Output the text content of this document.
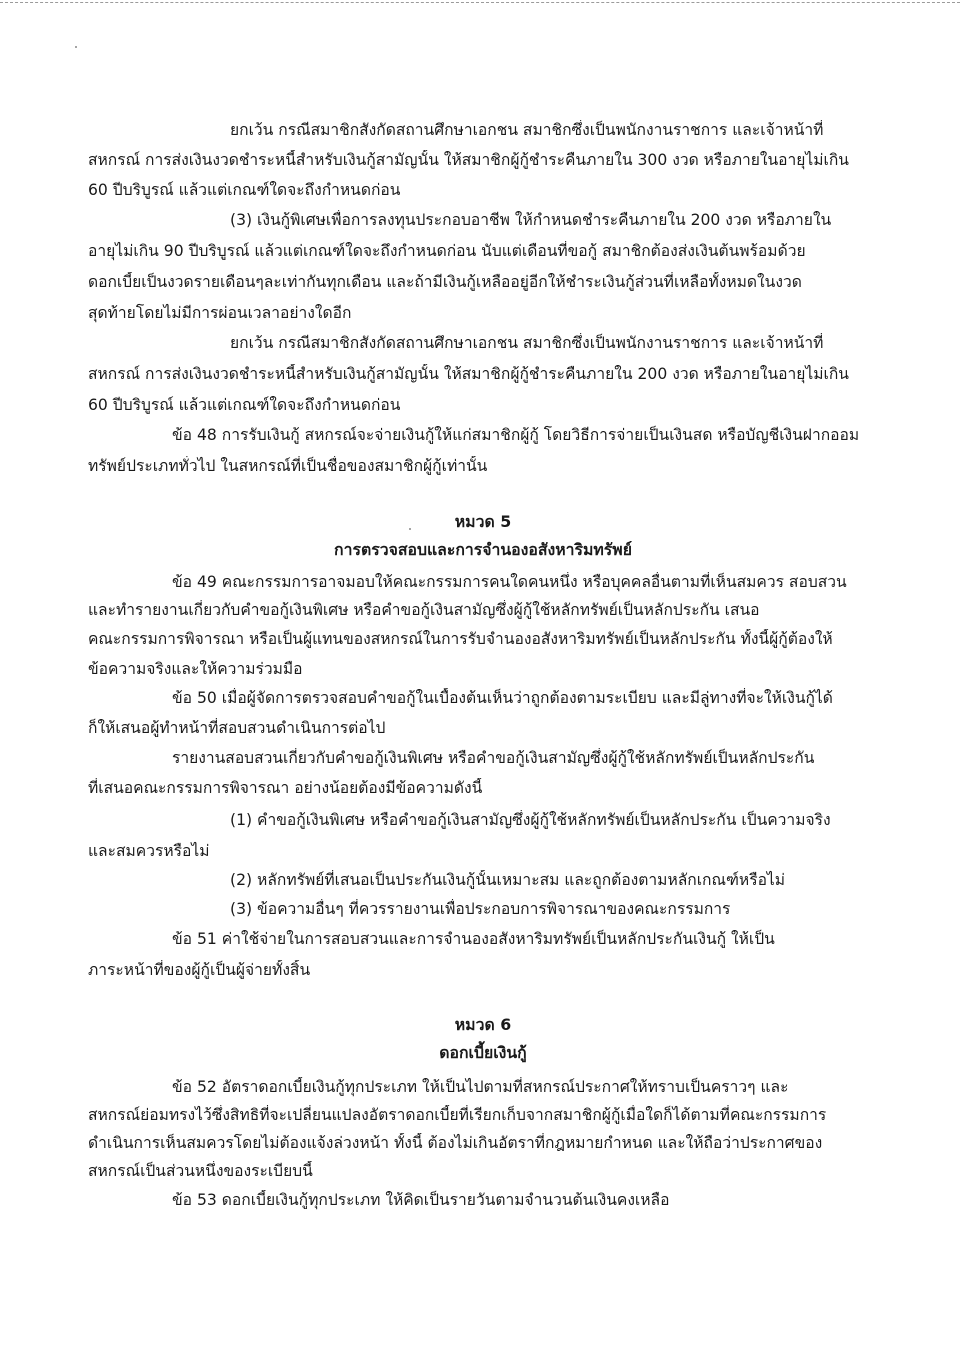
ยกเว้น กรณีสมาชิกสังกัดสถานศึกษาเอกชน สมาชิกซึ่งเป็นพนักงานราชการ และเจ้าหน้าที่
สหกรณ์ การส่งเงินงวดชำระหนี้สำหรับเงินกู้สามัญนั้น ให้สมาชิกผู้กู้ชำระคืนภายใน 300 งวด หรือภายในอายุไม่เกิน
60 ปีบริบูรณ์ แล้วแต่เกณฑ์ใดจะถึงกำหนดก่อน
(3) เงินกู้พิเศษเพื่อการลงทุนประกอบอาชีพ ให้กำหนดชำระคืนภายใน 200 งวด หรือภายใน
อายุไม่เกิน 90 ปีบริบูรณ์ แล้วแต่เกณฑ์ใดจะถึงกำหนดก่อน นับแต่เดือนที่ขอกู้ สมาชิกต้องส่งเงินต้นพร้อมด้วย
ดอกเบี้ยเป็นงวดรายเดือนๆละเท่ากันทุกเดือน และถ้ามีเงินกู้เหลืออยู่อีกให้ชำระเงินกู้ส่วนที่เหลือทั้งหมดในงวด
สุดท้ายโดยไม่มีการผ่อนเวลาอย่างใดอีก
ยกเว้น กรณีสมาชิกสังกัดสถานศึกษาเอกชน สมาชิกซึ่งเป็นพนักงานราชการ และเจ้าหน้าที่
สหกรณ์ การส่งเงินงวดชำระหนี้สำหรับเงินกู้สามัญนั้น ให้สมาชิกผู้กู้ชำระคืนภายใน 200 งวด หรือภายในอายุไม่เกิน
60 ปีบริบูรณ์ แล้วแต่เกณฑ์ใดจะถึงกำหนดก่อน
ข้อ 48 การรับเงินกู้ สหกรณ์จะจ่ายเงินกู้ให้แก่สมาชิกผู้กู้ โดยวิธีการจ่ายเป็นเงินสด หรือบัญชีเงินฝากออม
ทรัพย์ประเภททั่วไป ในสหกรณ์ที่เป็นชื่อของสมาชิกผู้กู้เท่านั้น
หมวด 5
การตรวจสอบและการจำนองอสังหาริมทรัพย์
ข้อ 49 คณะกรรมการอาจมอบให้คณะกรรมการคนใดคนหนึ่ง หรือบุคคลอื่นตามที่เห็นสมควร สอบสวน
และทำรายงานเกี่ยวกับคำขอกู้เงินพิเศษ หรือคำขอกู้เงินสามัญซึ่งผู้กู้ใช้หลักทรัพย์เป็นหลักประกัน เสนอ
คณะกรรมการพิจารณา หรือเป็นผู้แทนของสหกรณ์ในการรับจำนองอสังหาริมทรัพย์เป็นหลักประกัน ทั้งนี้ผู้กู้ต้องให้
ข้อความจริงและให้ความร่วมมือ
ข้อ 50 เมื่อผู้จัดการตรวจสอบคำขอกู้ในเบื้องต้นเห็นว่าถูกต้องตามระเบียบ และมีลู่ทางที่จะให้เงินกู้ได้
ก็ให้เสนอผู้ทำหน้าที่สอบสวนดำเนินการต่อไป
รายงานสอบสวนเกี่ยวกับคำขอกู้เงินพิเศษ หรือคำขอกู้เงินสามัญซึ่งผู้กู้ใช้หลักทรัพย์เป็นหลักประกัน
ที่เสนอคณะกรรมการพิจารณา อย่างน้อยต้องมีข้อความดังนี้
(1) คำขอกู้เงินพิเศษ หรือคำขอกู้เงินสามัญซึ่งผู้กู้ใช้หลักทรัพย์เป็นหลักประกัน เป็นความจริง
และสมควรหรือไม่
(2) หลักทรัพย์ที่เสนอเป็นประกันเงินกู้นั้นเหมาะสม และถูกต้องตามหลักเกณฑ์หรือไม่
(3) ข้อความอื่นๆ ที่ควรรายงานเพื่อประกอบการพิจารณาของคณะกรรมการ
ข้อ 51 ค่าใช้จ่ายในการสอบสวนและการจำนองอสังหาริมทรัพย์เป็นหลักประกันเงินกู้ ให้เป็น
ภาระหน้าที่ของผู้กู้เป็นผู้จ่ายทั้งสิ้น
หมวด 6
ดอกเบี้ยเงินกู้
ข้อ 52 อัตราดอกเบี้ยเงินกู้ทุกประเภท ให้เป็นไปตามที่สหกรณ์ประกาศให้ทราบเป็นคราวๆ และ
สหกรณ์ย่อมทรงไว้ซึ่งสิทธิที่จะเปลี่ยนแปลงอัตราดอกเบี้ยที่เรียกเก็บจากสมาชิกผู้กู้เมื่อใดก็ได้ตามที่คณะกรรมการ
ดำเนินการเห็นสมควรโดยไม่ต้องแจ้งล่วงหน้า ทั้งนี้ ต้องไม่เกินอัตราที่กฎหมายกำหนด และให้ถือว่าประกาศของ
สหกรณ์เป็นส่วนหนึ่งของระเบียบนี้
ข้อ 53 ดอกเบี้ยเงินกู้ทุกประเภท ให้คิดเป็นรายวันตามจำนวนต้นเงินคงเหลือ
